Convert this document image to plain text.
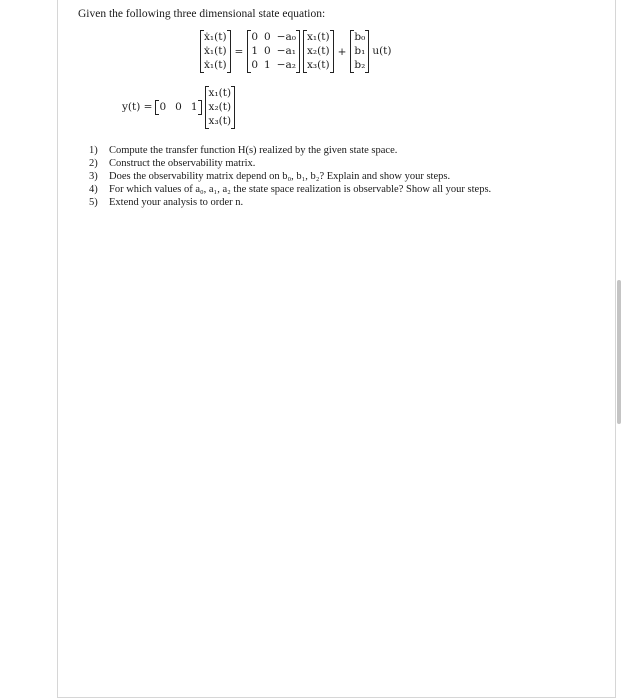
Given the following three dimensional state equation:
ẋ₁(t)
ẋ₁(t)
ẋ₁(t)
=
0 0 −a₀
1 0 −a₁
0 1 −a₂
x₁(t)
x₂(t)
x₃(t)
+
b₀
b₁
b₂
u(t)
y(t) = 0 0 1
x₁(t)
x₂(t)
x₃(t)
1)	Compute the transfer function H(s) realized by the given state space.
2)	Construct the observability matrix.
3)	Does the observability matrix depend on b₀, b₁, b₂? Explain and show your steps.
4)	For which values of a₀, a₁, a₂ the state space realization is observable? Show all your steps.
5)	Extend your analysis to order n.
